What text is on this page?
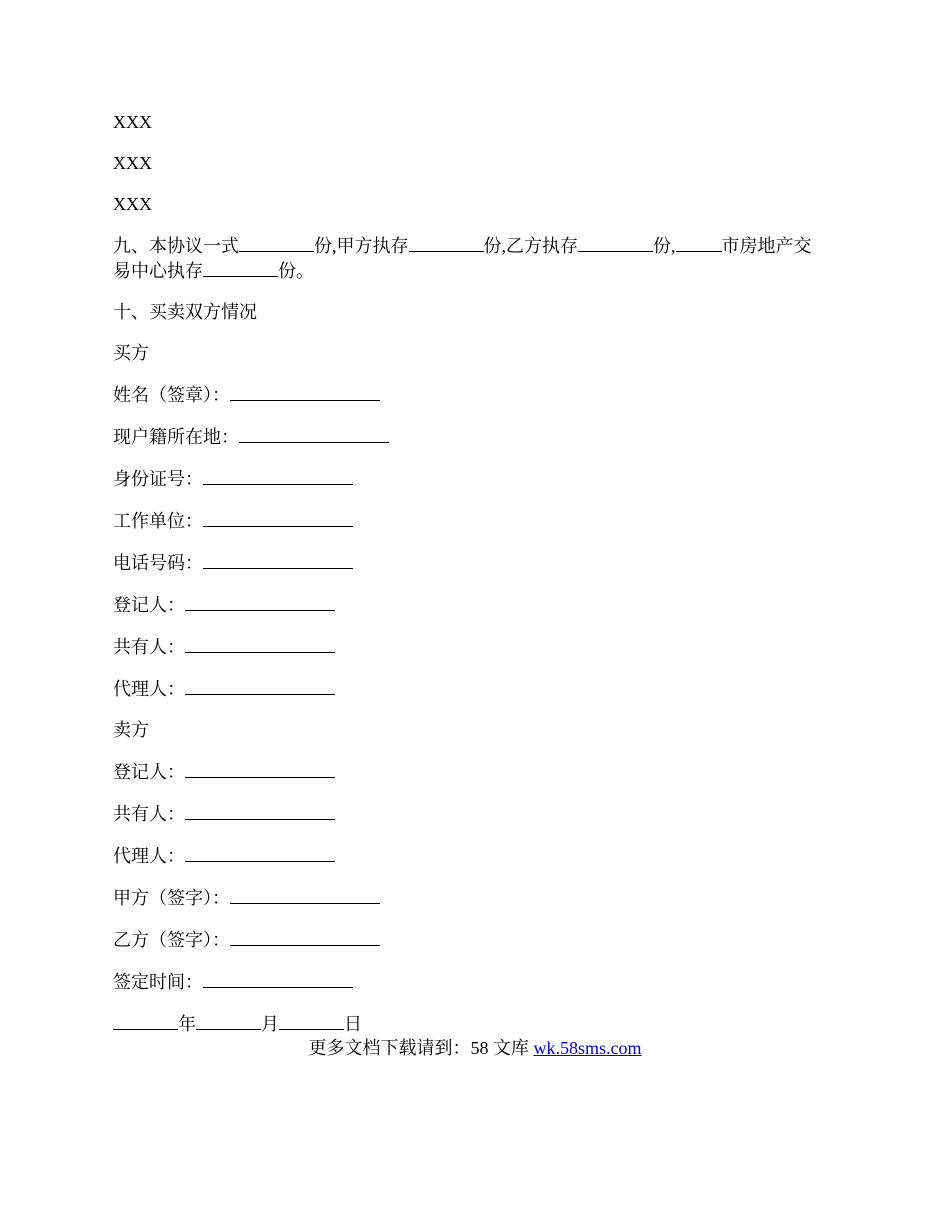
XXX
XXX
XXX
九、本协议一式	份,甲方执存	份,乙方执存	份,	市房地产交易中心执存	份。
十、买卖双方情况
买方
姓名（签章）：
现户籍所在地：
身份证号：
工作单位：
电话号码：
登记人：
共有人：
代理人：
卖方
登记人：
共有人：
代理人：
甲方（签字）：
乙方（签字）：
签定时间：
年	月	日
更多文档下载请到：58 文库 wk.58sms.com
